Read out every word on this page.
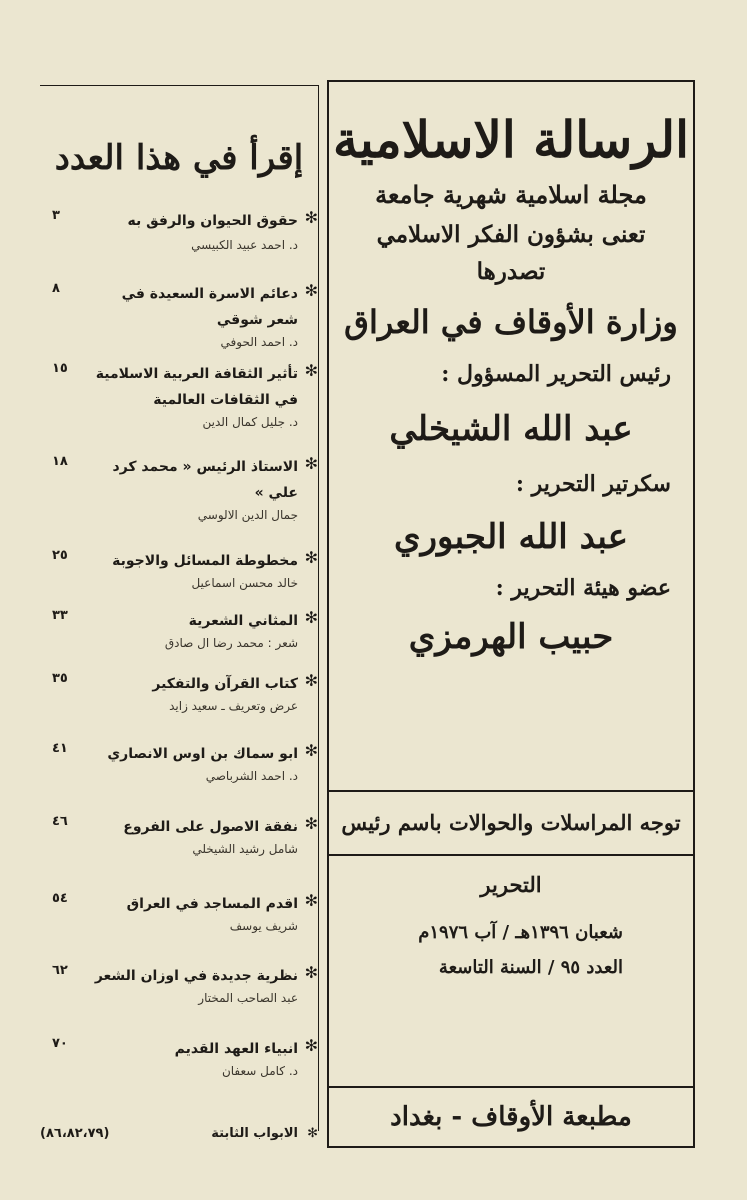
الرسالة الاسلامية
مجلة اسلامية شهرية جامعة
تعنى بشؤون الفكر الاسلامي
تصدرها
وزارة الأوقاف في العراق
رئيس التحرير المسؤول :
عبد الله الشيخلي
سكرتير التحرير :
عبد الله الجبوري
عضو هيئة التحرير :
حبيب الهرمزي
توجه المراسلات والحوالات باسم رئيس التحرير
شعبان ١٣٩٦هـ / آب ١٩٧٦م
العدد ٩٥ / السنة التاسعة
مطبعة الأوقاف - بغداد
إقرأ في هذا العدد
✻
حقوق الحيوان والرفق به
د. احمد عبيد الكبيسي
٣
✻
دعائم الاسرة السعيدة في شعر شوقي
د. احمد الحوفي
٨
✻
تأثير الثقافة العربية الاسلامية في الثقافات العالمية
د. جليل كمال الدين
١٥
✻
الاستاذ الرئيس « محمد كرد علي »
جمال الدين الالوسي
١٨
✻
مخطوطة المسائل والاجوبة
خالد محسن اسماعيل
٢٥
✻
المثاني الشعرية
شعر : محمد رضا ال صادق
٣٣
✻
كتاب القرآن والتفكير
عرض وتعريف ـ سعيد زايد
٣٥
✻
ابو سماك بن اوس الانصاري
د. احمد الشرباصي
٤١
✻
نفقة الاصول على الفروع
شامل رشيد الشيخلي
٤٦
✻
اقدم المساجد في العراق
شريف يوسف
٥٤
✻
نظرية جديدة في اوزان الشعر
عبد الصاحب المختار
٦٢
✻
انبياء العهد القديم
د. كامل سعفان
٧٠
✻
الابواب الثابتة
(٨٦،٨٢،٧٩)
